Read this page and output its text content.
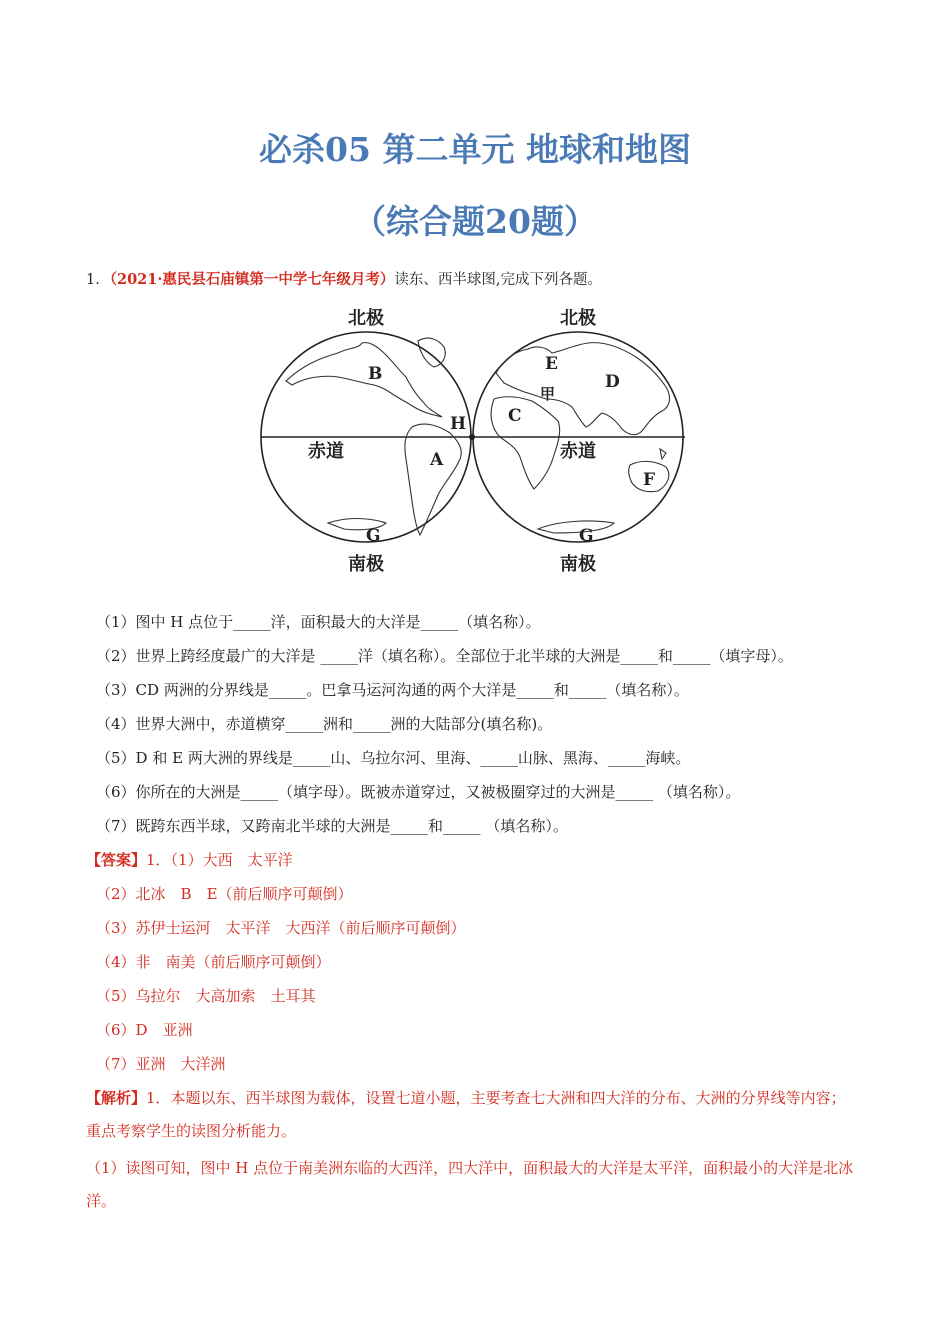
必杀05 第二单元 地球和地图
（综合题20题）
1．（2021·惠民县石庙镇第一中学七年级月考）读东、西半球图,完成下列各题。
北极	北极
南极	南极
赤道	赤道
A
B
C
D
E
F
G	G
H
甲
（1）图中 H 点位于_____洋，面积最大的大洋是_____（填名称）。
（2）世界上跨经度最广的大洋是 _____洋（填名称）。全部位于北半球的大洲是_____和_____（填字母）。
（3）CD 两洲的分界线是_____。巴拿马运河沟通的两个大洋是_____和_____（填名称）。
（4）世界大洲中，赤道横穿_____洲和_____洲的大陆部分(填名称)。
（5）D 和 E 两大洲的界线是_____山、乌拉尔河、里海、_____山脉、黑海、_____海峡。
（6）你所在的大洲是_____（填字母）。既被赤道穿过，又被极圈穿过的大洲是_____ （填名称）。
（7）既跨东西半球，又跨南北半球的大洲是_____和_____ （填名称）。
【答案】1．（1）大西　太平洋
（2）北冰　B　E（前后顺序可颠倒）
（3）苏伊士运河　太平洋　大西洋（前后顺序可颠倒）
（4）非　南美（前后顺序可颠倒）
（5）乌拉尔　大高加索　土耳其
（6）D　亚洲
（7）亚洲　大洋洲
【解析】1．本题以东、西半球图为载体，设置七道小题，主要考查七大洲和四大洋的分布、大洲的分界线等内容；重点考察学生的读图分析能力。
（1）读图可知，图中 H 点位于南美洲东临的大西洋，四大洋中，面积最大的大洋是太平洋，面积最小的大洋是北冰洋。
